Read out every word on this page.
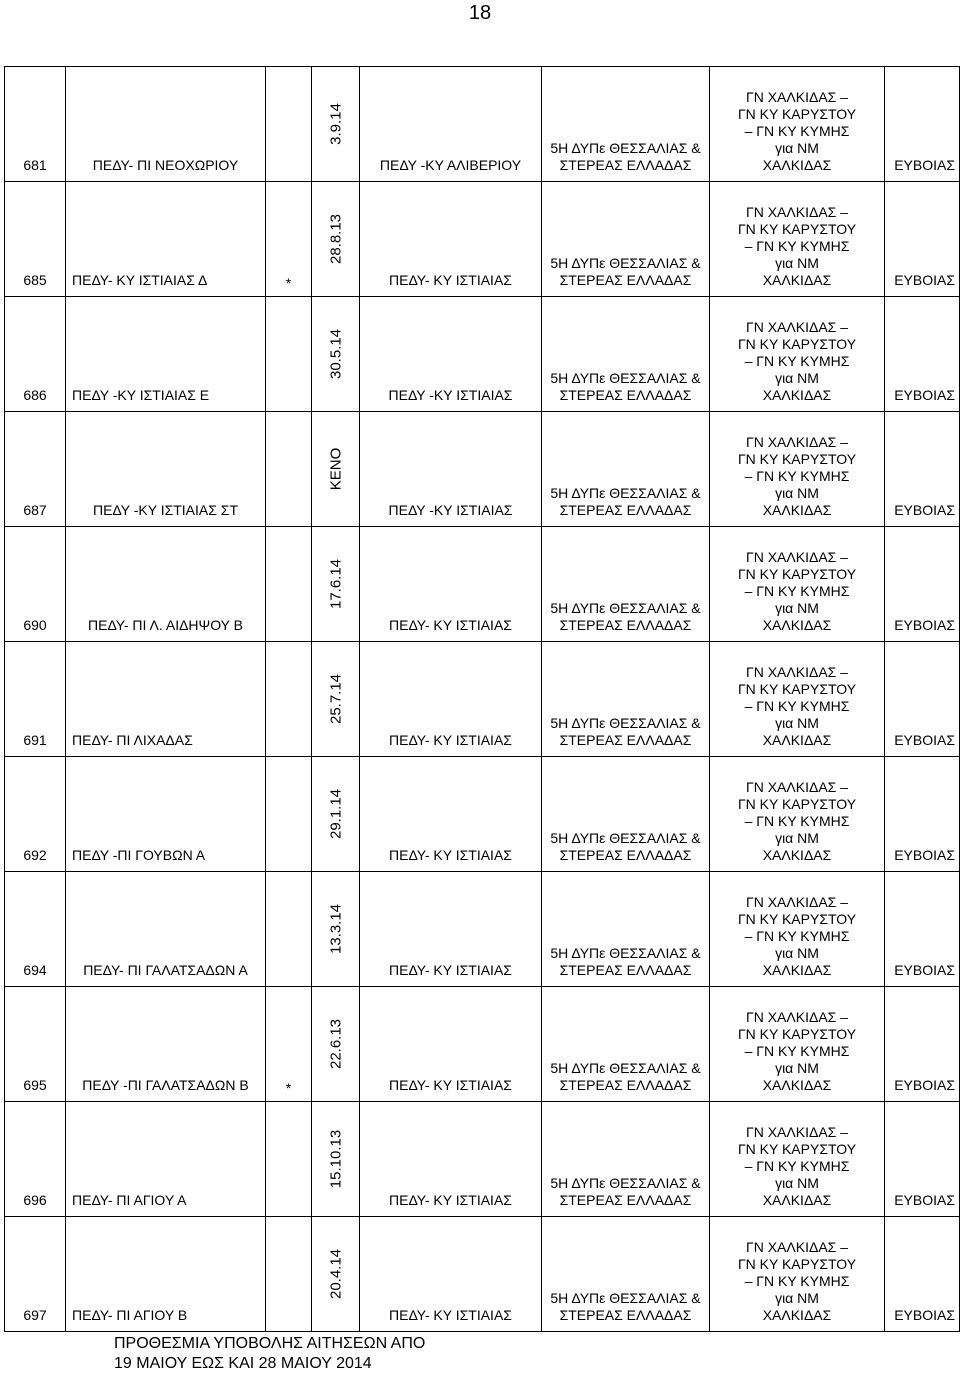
18
681	ΠΕΔΥ- ΠΙ ΝΕΟΧΩΡΙΟΥ		3.9.14	ΠΕΔΥ -ΚΥ ΑΛΙΒΕΡΙΟΥ	5Η ΔΥΠε ΘΕΣΣΑΛΙΑΣ & ΣΤΕΡΕΑΣ ΕΛΛΑΔΑΣ	ΓΝ ΧΑΛΚΙΔΑΣ –
ΓΝ ΚΥ ΚΑΡΥΣΤΟΥ
– ΓΝ ΚΥ ΚΥΜΗΣ
για ΝΜ
ΧΑΛΚΙΔΑΣ	ΕΥΒΟΙΑΣ
685	ΠΕΔΥ- ΚΥ ΙΣΤΙΑΙΑΣ Δ	*	28.8.13	ΠΕΔΥ- ΚΥ ΙΣΤΙΑΙΑΣ	5Η ΔΥΠε ΘΕΣΣΑΛΙΑΣ & ΣΤΕΡΕΑΣ ΕΛΛΑΔΑΣ	ΓΝ ΧΑΛΚΙΔΑΣ –
ΓΝ ΚΥ ΚΑΡΥΣΤΟΥ
– ΓΝ ΚΥ ΚΥΜΗΣ
για ΝΜ
ΧΑΛΚΙΔΑΣ	ΕΥΒΟΙΑΣ
686	ΠΕΔΥ -ΚΥ ΙΣΤΙΑΙΑΣ Ε		30.5.14	ΠΕΔΥ -ΚΥ ΙΣΤΙΑΙΑΣ	5Η ΔΥΠε ΘΕΣΣΑΛΙΑΣ & ΣΤΕΡΕΑΣ ΕΛΛΑΔΑΣ	ΓΝ ΧΑΛΚΙΔΑΣ –
ΓΝ ΚΥ ΚΑΡΥΣΤΟΥ
– ΓΝ ΚΥ ΚΥΜΗΣ
για ΝΜ
ΧΑΛΚΙΔΑΣ	ΕΥΒΟΙΑΣ
687	ΠΕΔΥ -ΚΥ ΙΣΤΙΑΙΑΣ ΣΤ		ΚΕΝΟ	ΠΕΔΥ -ΚΥ ΙΣΤΙΑΙΑΣ	5Η ΔΥΠε ΘΕΣΣΑΛΙΑΣ & ΣΤΕΡΕΑΣ ΕΛΛΑΔΑΣ	ΓΝ ΧΑΛΚΙΔΑΣ –
ΓΝ ΚΥ ΚΑΡΥΣΤΟΥ
– ΓΝ ΚΥ ΚΥΜΗΣ
για ΝΜ
ΧΑΛΚΙΔΑΣ	ΕΥΒΟΙΑΣ
690	ΠΕΔΥ- ΠΙ Λ. ΑΙΔΗΨΟΥ Β		17.6.14	ΠΕΔΥ- ΚΥ ΙΣΤΙΑΙΑΣ	5Η ΔΥΠε ΘΕΣΣΑΛΙΑΣ & ΣΤΕΡΕΑΣ ΕΛΛΑΔΑΣ	ΓΝ ΧΑΛΚΙΔΑΣ –
ΓΝ ΚΥ ΚΑΡΥΣΤΟΥ
– ΓΝ ΚΥ ΚΥΜΗΣ
για ΝΜ
ΧΑΛΚΙΔΑΣ	ΕΥΒΟΙΑΣ
691	ΠΕΔΥ- ΠΙ ΛΙΧΑΔΑΣ		25.7.14	ΠΕΔΥ- ΚΥ ΙΣΤΙΑΙΑΣ	5Η ΔΥΠε ΘΕΣΣΑΛΙΑΣ & ΣΤΕΡΕΑΣ ΕΛΛΑΔΑΣ	ΓΝ ΧΑΛΚΙΔΑΣ –
ΓΝ ΚΥ ΚΑΡΥΣΤΟΥ
– ΓΝ ΚΥ ΚΥΜΗΣ
για ΝΜ
ΧΑΛΚΙΔΑΣ	ΕΥΒΟΙΑΣ
692	ΠΕΔΥ -ΠΙ ΓΟΥΒΩΝ Α		29.1.14	ΠΕΔΥ- ΚΥ ΙΣΤΙΑΙΑΣ	5Η ΔΥΠε ΘΕΣΣΑΛΙΑΣ & ΣΤΕΡΕΑΣ ΕΛΛΑΔΑΣ	ΓΝ ΧΑΛΚΙΔΑΣ –
ΓΝ ΚΥ ΚΑΡΥΣΤΟΥ
– ΓΝ ΚΥ ΚΥΜΗΣ
για ΝΜ
ΧΑΛΚΙΔΑΣ	ΕΥΒΟΙΑΣ
694	ΠΕΔΥ- ΠΙ ΓΑΛΑΤΣΑΔΩΝ Α		13.3.14	ΠΕΔΥ- ΚΥ ΙΣΤΙΑΙΑΣ	5Η ΔΥΠε ΘΕΣΣΑΛΙΑΣ & ΣΤΕΡΕΑΣ ΕΛΛΑΔΑΣ	ΓΝ ΧΑΛΚΙΔΑΣ –
ΓΝ ΚΥ ΚΑΡΥΣΤΟΥ
– ΓΝ ΚΥ ΚΥΜΗΣ
για ΝΜ
ΧΑΛΚΙΔΑΣ	ΕΥΒΟΙΑΣ
695	ΠΕΔΥ -ΠΙ ΓΑΛΑΤΣΑΔΩΝ Β	*	22.6.13	ΠΕΔΥ- ΚΥ ΙΣΤΙΑΙΑΣ	5Η ΔΥΠε ΘΕΣΣΑΛΙΑΣ & ΣΤΕΡΕΑΣ ΕΛΛΑΔΑΣ	ΓΝ ΧΑΛΚΙΔΑΣ –
ΓΝ ΚΥ ΚΑΡΥΣΤΟΥ
– ΓΝ ΚΥ ΚΥΜΗΣ
για ΝΜ
ΧΑΛΚΙΔΑΣ	ΕΥΒΟΙΑΣ
696	ΠΕΔΥ- ΠΙ ΑΓΙΟΥ Α		15.10.13	ΠΕΔΥ- ΚΥ ΙΣΤΙΑΙΑΣ	5Η ΔΥΠε ΘΕΣΣΑΛΙΑΣ & ΣΤΕΡΕΑΣ ΕΛΛΑΔΑΣ	ΓΝ ΧΑΛΚΙΔΑΣ –
ΓΝ ΚΥ ΚΑΡΥΣΤΟΥ
– ΓΝ ΚΥ ΚΥΜΗΣ
για ΝΜ
ΧΑΛΚΙΔΑΣ	ΕΥΒΟΙΑΣ
697	ΠΕΔΥ- ΠΙ ΑΓΙΟΥ Β		20.4.14	ΠΕΔΥ- ΚΥ ΙΣΤΙΑΙΑΣ	5Η ΔΥΠε ΘΕΣΣΑΛΙΑΣ & ΣΤΕΡΕΑΣ ΕΛΛΑΔΑΣ	ΓΝ ΧΑΛΚΙΔΑΣ –
ΓΝ ΚΥ ΚΑΡΥΣΤΟΥ
– ΓΝ ΚΥ ΚΥΜΗΣ
για ΝΜ
ΧΑΛΚΙΔΑΣ	ΕΥΒΟΙΑΣ
ΠΡΟΘΕΣΜΙΑ ΥΠΟΒΟΛΗΣ ΑΙΤΗΣΕΩΝ ΑΠΟ
19 ΜΑΙΟΥ ΕΩΣ ΚΑΙ 28 ΜΑΙΟΥ 2014
